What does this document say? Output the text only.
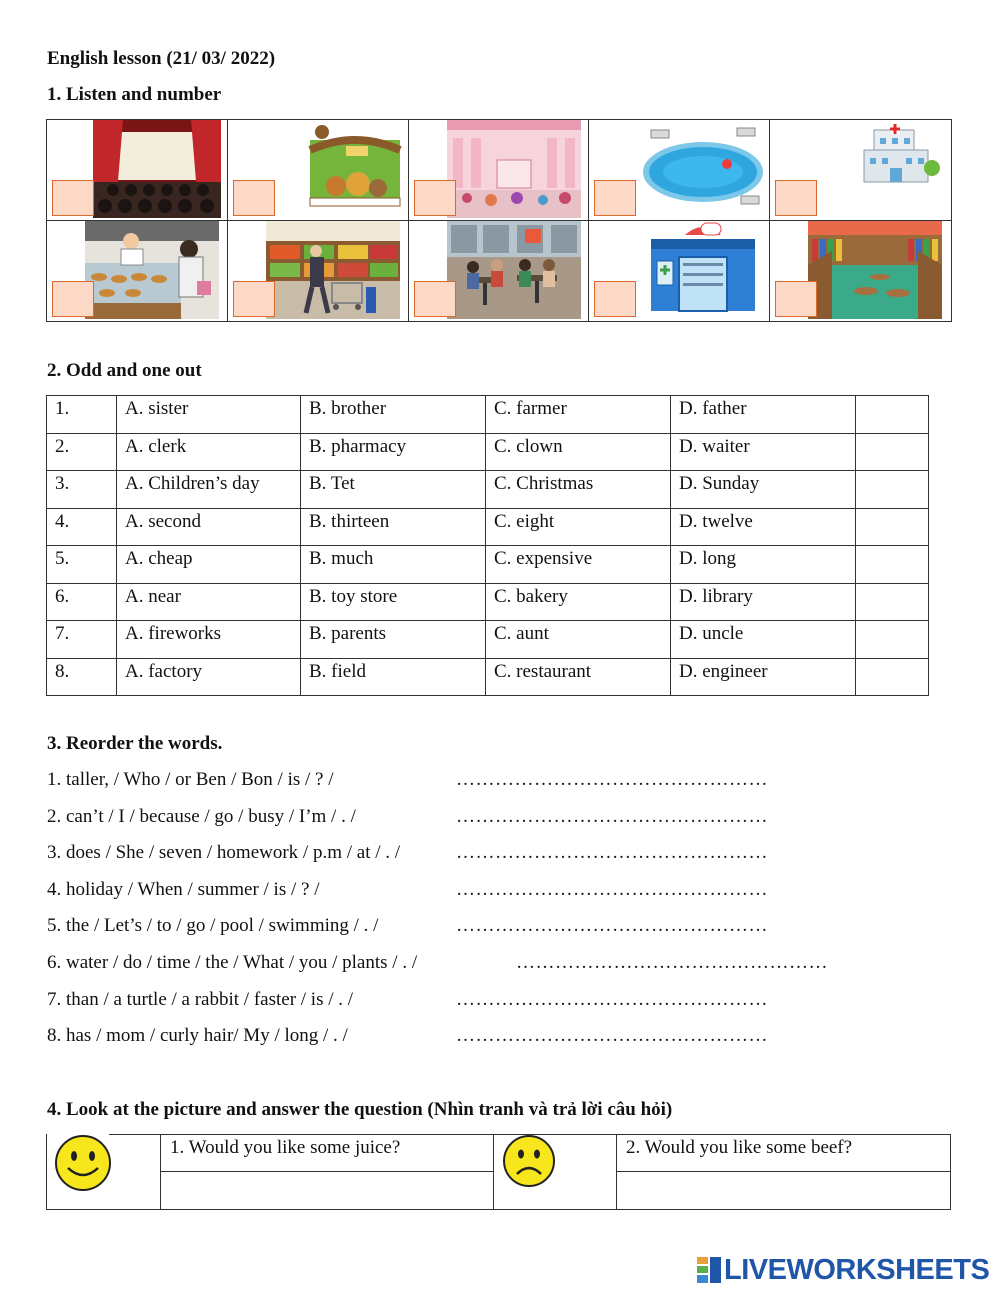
English lesson (21/ 03/ 2022)
1. Listen and number
2. Odd and one out
1.	A. sister	B. brother	C. farmer	D. father	
2.	A. clerk	B. pharmacy	C. clown	D. waiter	
3.	A. Children’s day	B. Tet	C. Christmas	D. Sunday	
4.	A. second	B. thirteen	C. eight	D. twelve	
5.	A. cheap	B. much	C. expensive	D. long	
6.	A. near	B. toy store	C. bakery	D. library	
7.	A. fireworks	B. parents	C. aunt	D. uncle	
8.	A. factory	B. field	C. restaurant	D. engineer	
3. Reorder the words.
1. taller, / Who / or Ben / Bon / is / ? /	…………………………………………
2. can’t / I / because / go / busy / I’m / . /	…………………………………………
3. does / She / seven / homework / p.m / at / . /	…………………………………………
4. holiday / When / summer / is / ? /	…………………………………………
5. the / Let’s / to / go / pool / swimming / . /	…………………………………………
6. water / do / time / the / What / you / plants / . /	…………………………………………
7. than / a turtle / a rabbit / faster / is / . /	…………………………………………
8. has / mom / curly hair/ My / long / . /	…………………………………………
4. Look at the picture and answer the question (Nhìn tranh và trả lời câu hỏi)
1. Would you like some juice?	2. Would you like some beef?
LIVEWORKSHEETS
